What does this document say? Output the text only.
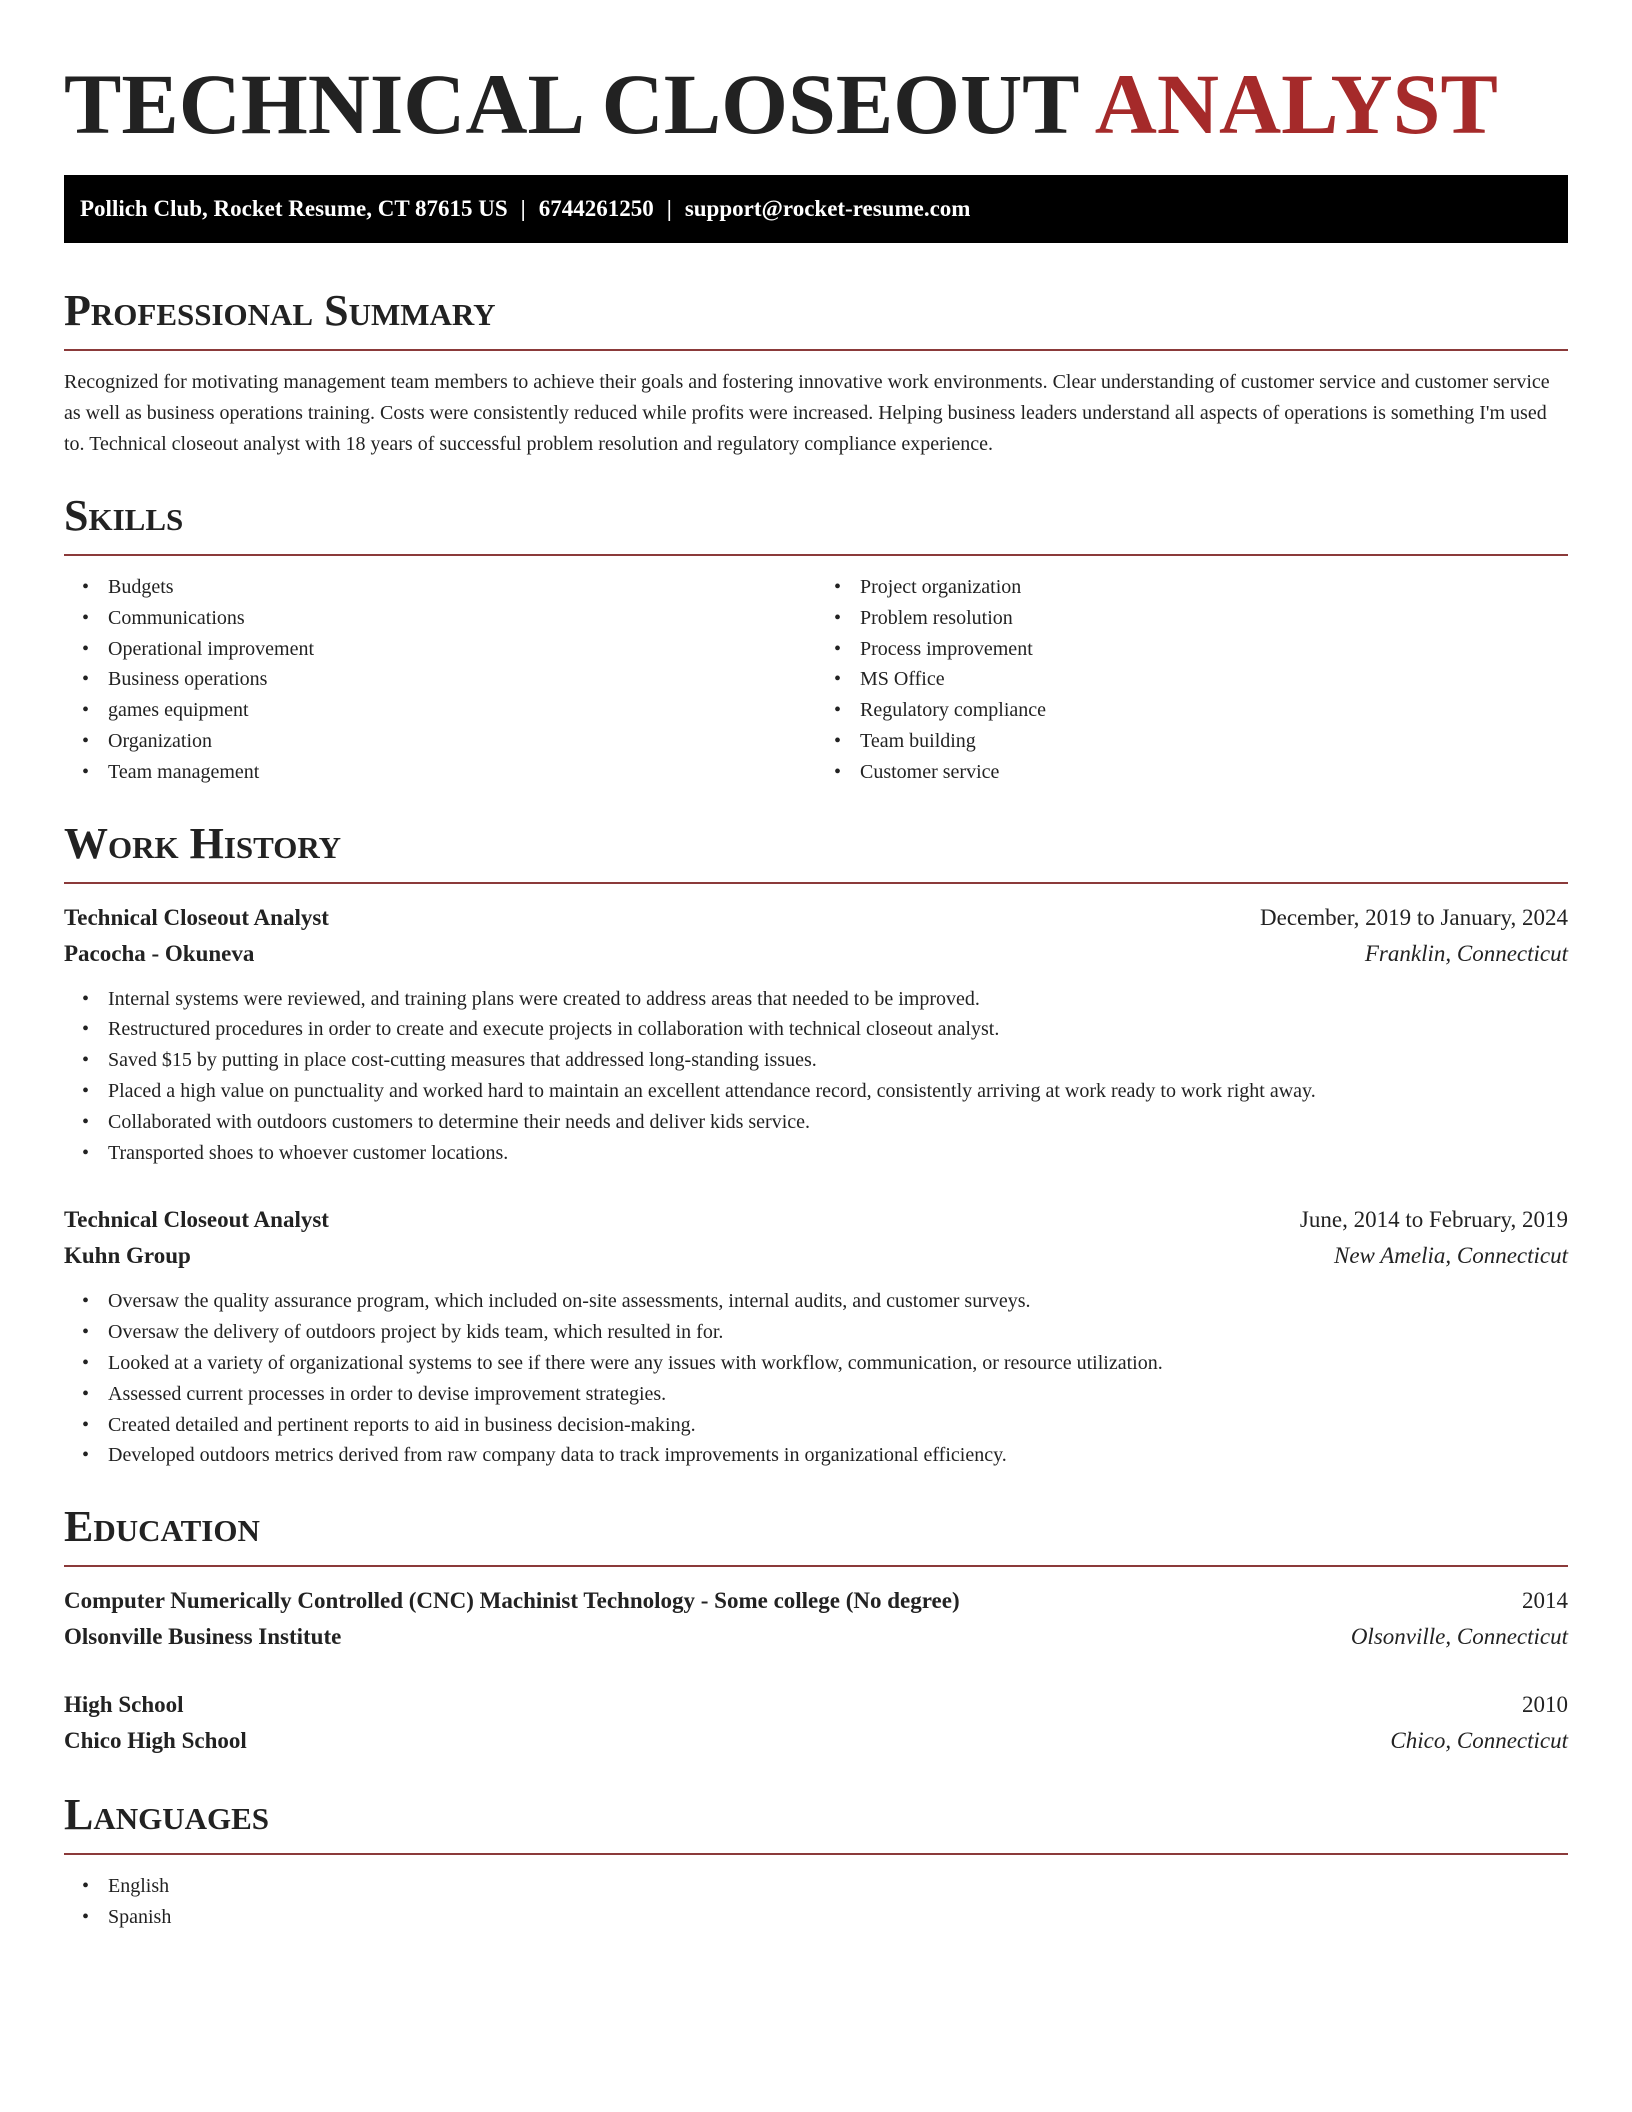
TECHNICAL CLOSEOUT ANALYST
Pollich Club, Rocket Resume, CT 87615 US | 6744261250 | support@rocket-resume.com
Professional Summary
Recognized for motivating management team members to achieve their goals and fostering innovative work environments. Clear understanding of customer service and customer service as well as business operations training. Costs were consistently reduced while profits were increased. Helping business leaders understand all aspects of operations is something I'm used to. Technical closeout analyst with 18 years of successful problem resolution and regulatory compliance experience.
Skills
• Budgets
• Communications
• Operational improvement
• Business operations
• games equipment
• Organization
• Team management
• Project organization
• Problem resolution
• Process improvement
• MS Office
• Regulatory compliance
• Team building
• Customer service
Work History
Technical Closeout Analyst	December, 2019 to January, 2024
Pacocha - Okuneva	Franklin, Connecticut
• Internal systems were reviewed, and training plans were created to address areas that needed to be improved.
• Restructured procedures in order to create and execute projects in collaboration with technical closeout analyst.
• Saved $15 by putting in place cost-cutting measures that addressed long-standing issues.
• Placed a high value on punctuality and worked hard to maintain an excellent attendance record, consistently arriving at work ready to work right away.
• Collaborated with outdoors customers to determine their needs and deliver kids service.
• Transported shoes to whoever customer locations.
Technical Closeout Analyst	June, 2014 to February, 2019
Kuhn Group	New Amelia, Connecticut
• Oversaw the quality assurance program, which included on-site assessments, internal audits, and customer surveys.
• Oversaw the delivery of outdoors project by kids team, which resulted in for.
• Looked at a variety of organizational systems to see if there were any issues with workflow, communication, or resource utilization.
• Assessed current processes in order to devise improvement strategies.
• Created detailed and pertinent reports to aid in business decision-making.
• Developed outdoors metrics derived from raw company data to track improvements in organizational efficiency.
Education
Computer Numerically Controlled (CNC) Machinist Technology - Some college (No degree)	2014
Olsonville Business Institute	Olsonville, Connecticut
High School	2010
Chico High School	Chico, Connecticut
Languages
• English
• Spanish
